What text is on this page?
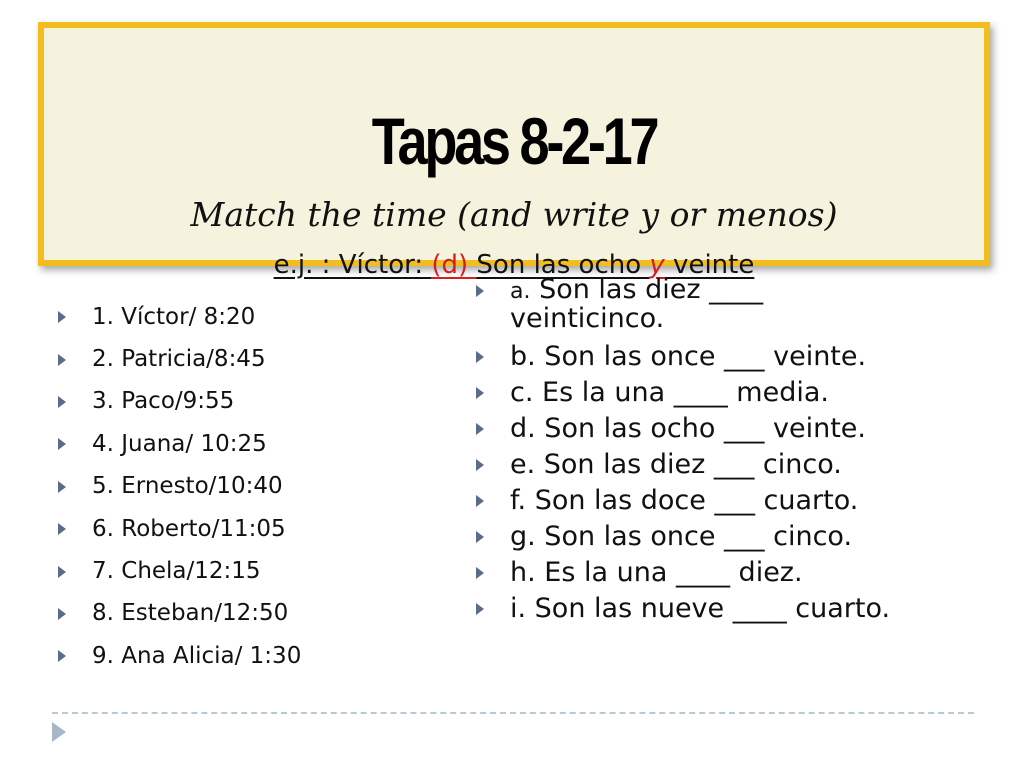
Tapas 8-2-17
Match the time (and write y or menos)
e.j. : Víctor: (d) Son las ocho y veinte
1. Víctor/ 8:20
2. Patricia/8:45
3. Paco/9:55
4. Juana/ 10:25
5. Ernesto/10:40
6. Roberto/11:05
7. Chela/12:15
8. Esteban/12:50
9. Ana Alicia/ 1:30
a. Son las diez ____ veinticinco.
b. Son las once ___ veinte.
c. Es la una ____ media.
d. Son las ocho ___ veinte.
e. Son las diez ___ cinco.
f. Son las doce ___ cuarto.
g. Son las once ___ cinco.
h. Es la una ____ diez.
i. Son las nueve ____ cuarto.
